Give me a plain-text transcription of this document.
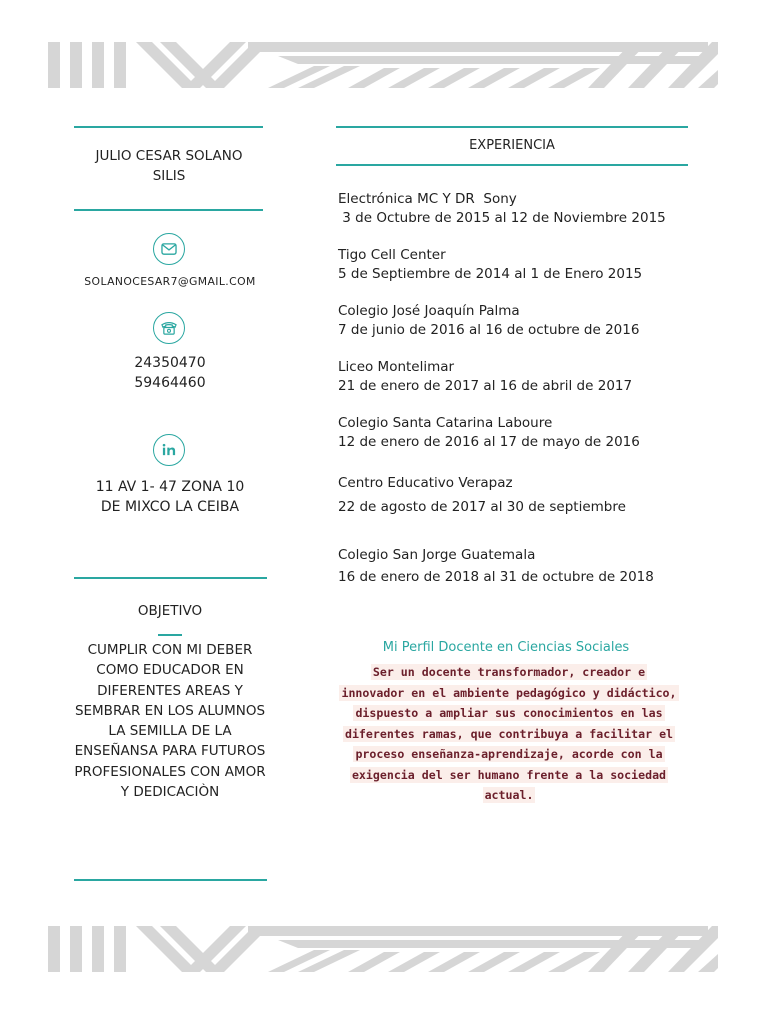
JULIO CESAR SOLANO SILIS
SOLANOCESAR7@GMAIL.COM
24350470
59464460
11 AV 1- 47 ZONA 10 DE MIXCO LA CEIBA
OBJETIVO
CUMPLIR CON MI DEBER COMO EDUCADOR EN DIFERENTES AREAS Y SEMBRAR EN LOS ALUMNOS LA SEMILLA DE LA ENSEÑANSA PARA FUTUROS PROFESIONALES CON AMOR Y DEDICACIÒN
EXPERIENCIA
Electrónica MC Y DR  Sony
3 de Octubre de 2015 al 12 de Noviembre 2015
Tigo Cell Center
5 de Septiembre de 2014 al 1 de Enero 2015
Colegio José Joaquín Palma
7 de junio de 2016 al 16 de octubre de 2016
Liceo Montelimar
21 de enero de 2017 al 16 de abril de 2017
Colegio Santa Catarina Laboure
12 de enero de 2016 al 17 de mayo de 2016
Centro Educativo Verapaz
22 de agosto de 2017 al 30 de septiembre
Colegio San Jorge Guatemala
16 de enero de 2018 al 31 de octubre de 2018
Mi Perfil Docente en Ciencias Sociales
Ser un docente transformador, creador e
innovador en el ambiente pedagógico y didáctico,
dispuesto a ampliar sus conocimientos en las
diferentes ramas, que contribuya a facilitar el
proceso enseñanza-aprendizaje, acorde con la
exigencia del ser humano frente a la sociedad
actual.
